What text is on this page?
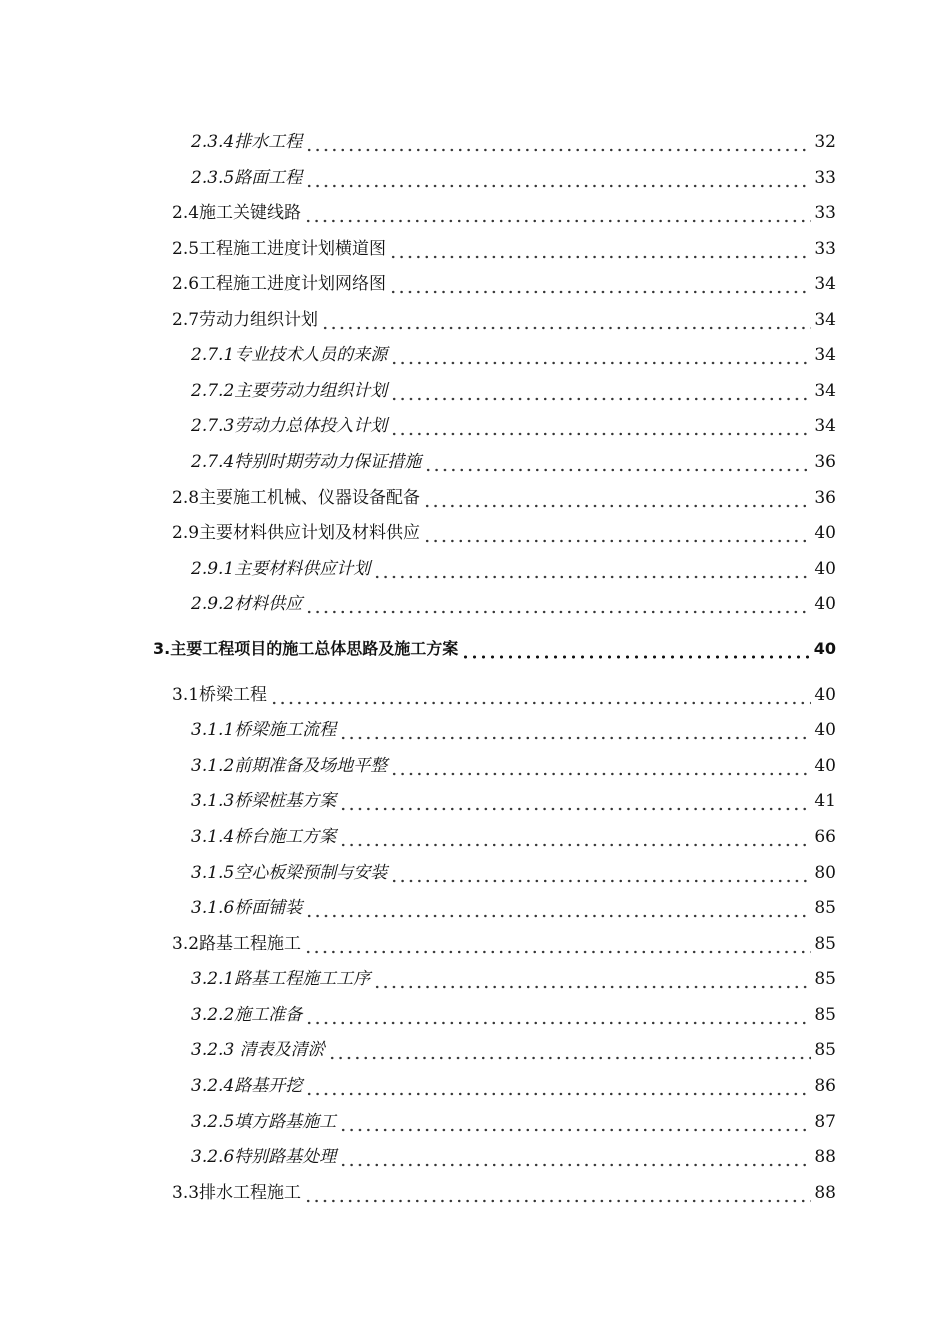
2.3.4排水工程	32
2.3.5路面工程	33
2.4施工关键线路	33
2.5工程施工进度计划横道图	33
2.6工程施工进度计划网络图	34
2.7劳动力组织计划	34
2.7.1专业技术人员的来源	34
2.7.2主要劳动力组织计划	34
2.7.3劳动力总体投入计划	34
2.7.4特别时期劳动力保证措施	36
2.8主要施工机械、仪器设备配备	36
2.9主要材料供应计划及材料供应	40
2.9.1主要材料供应计划	40
2.9.2材料供应	40
3.主要工程项目的施工总体思路及施工方案	40
3.1桥梁工程	40
3.1.1桥梁施工流程	40
3.1.2前期准备及场地平整	40
3.1.3桥梁桩基方案	41
3.1.4桥台施工方案	66
3.1.5空心板梁预制与安装	80
3.1.6桥面铺装	85
3.2路基工程施工	85
3.2.1路基工程施工工序	85
3.2.2施工准备	85
3.2.3 清表及清淤	85
3.2.4路基开挖	86
3.2.5填方路基施工	87
3.2.6特别路基处理	88
3.3排水工程施工	88
